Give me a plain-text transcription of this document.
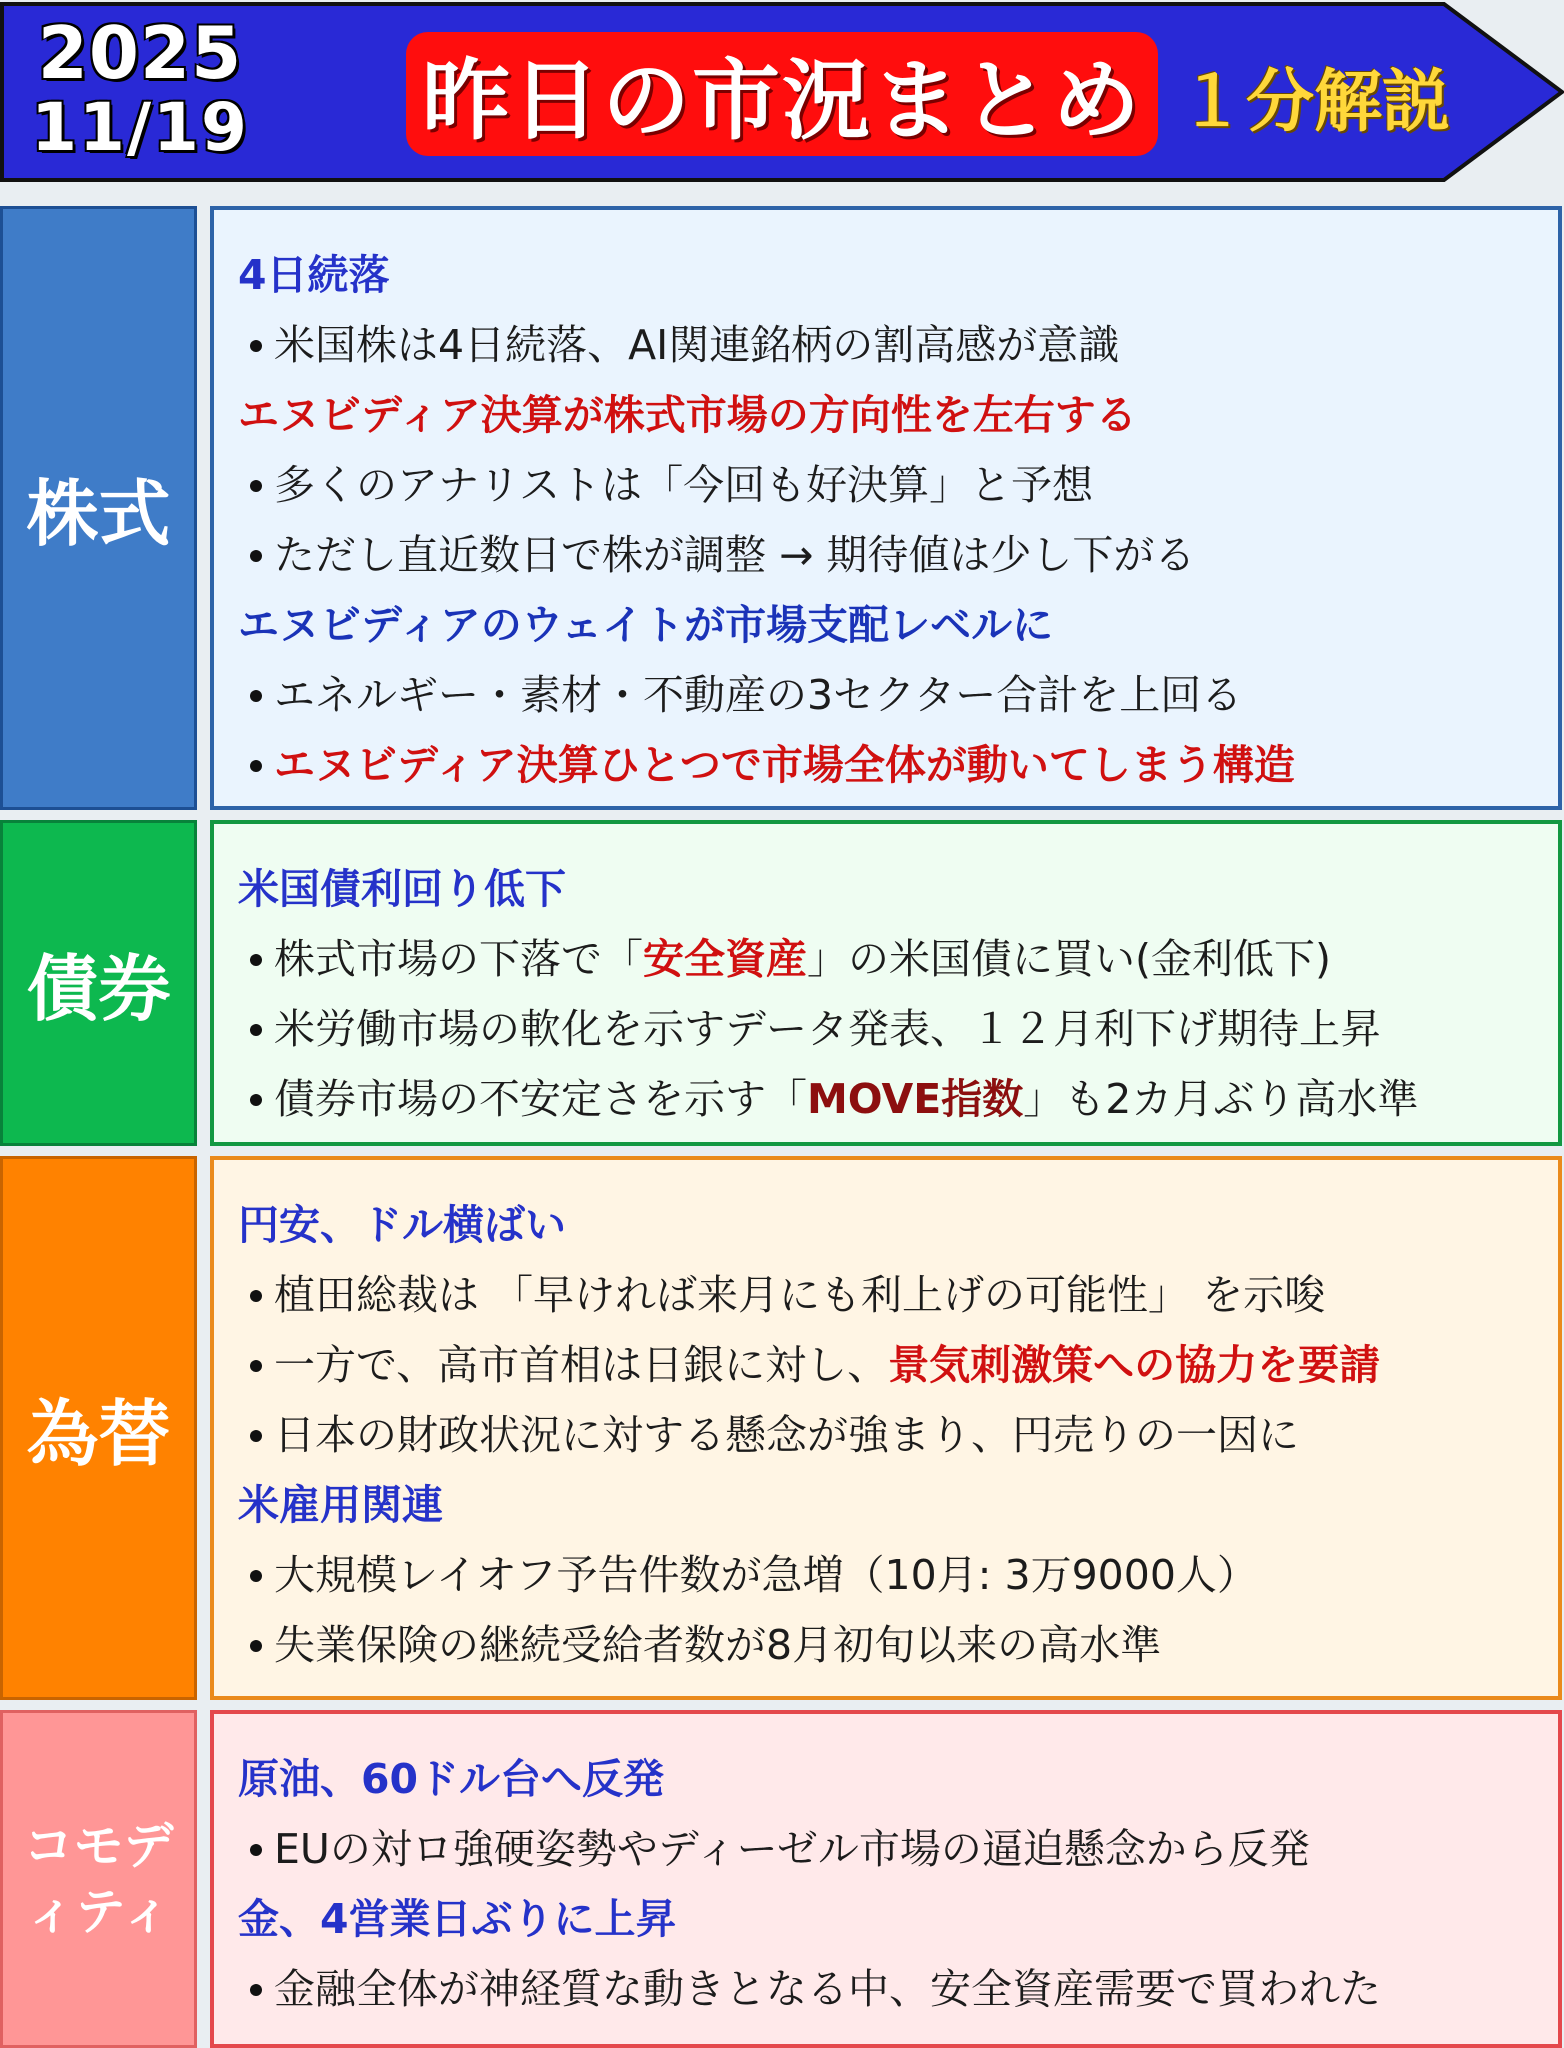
2025
11/19 昨日の市況まとめ １分解説
株式
4日続落
米国株は4日続落、AI関連銘柄の割高感が意識
エヌビディア決算が株式市場の方向性を左右する
多くのアナリストは「今回も好決算」と予想
ただし直近数日で株が調整 → 期待値は少し下がる
エヌビディアのウェイトが市場支配レベルに
エネルギー・素材・不動産の3セクター合計を上回る
エヌビディア決算ひとつで市場全体が動いてしまう構造
債券
米国債利回り低下
株式市場の下落で「安全資産」の米国債に買い(金利低下)
米労働市場の軟化を示すデータ発表、１２月利下げ期待上昇
債券市場の不安定さを示す「MOVE指数」も2カ月ぶり高水準
為替
円安、ドル横ばい
植田総裁は 「早ければ来月にも利上げの可能性」 を示唆
一方で、高市首相は日銀に対し、景気刺激策への協力を要請
日本の財政状況に対する懸念が強まり、円売りの一因に
米雇用関連
大規模レイオフ予告件数が急増（10月: 3万9000人）
失業保険の継続受給者数が8月初旬以来の高水準
コモデ
ィティ
原油、60ドル台へ反発
EUの対ロ強硬姿勢やディーゼル市場の逼迫懸念から反発
金、4営業日ぶりに上昇
金融全体が神経質な動きとなる中、安全資産需要で買われた
